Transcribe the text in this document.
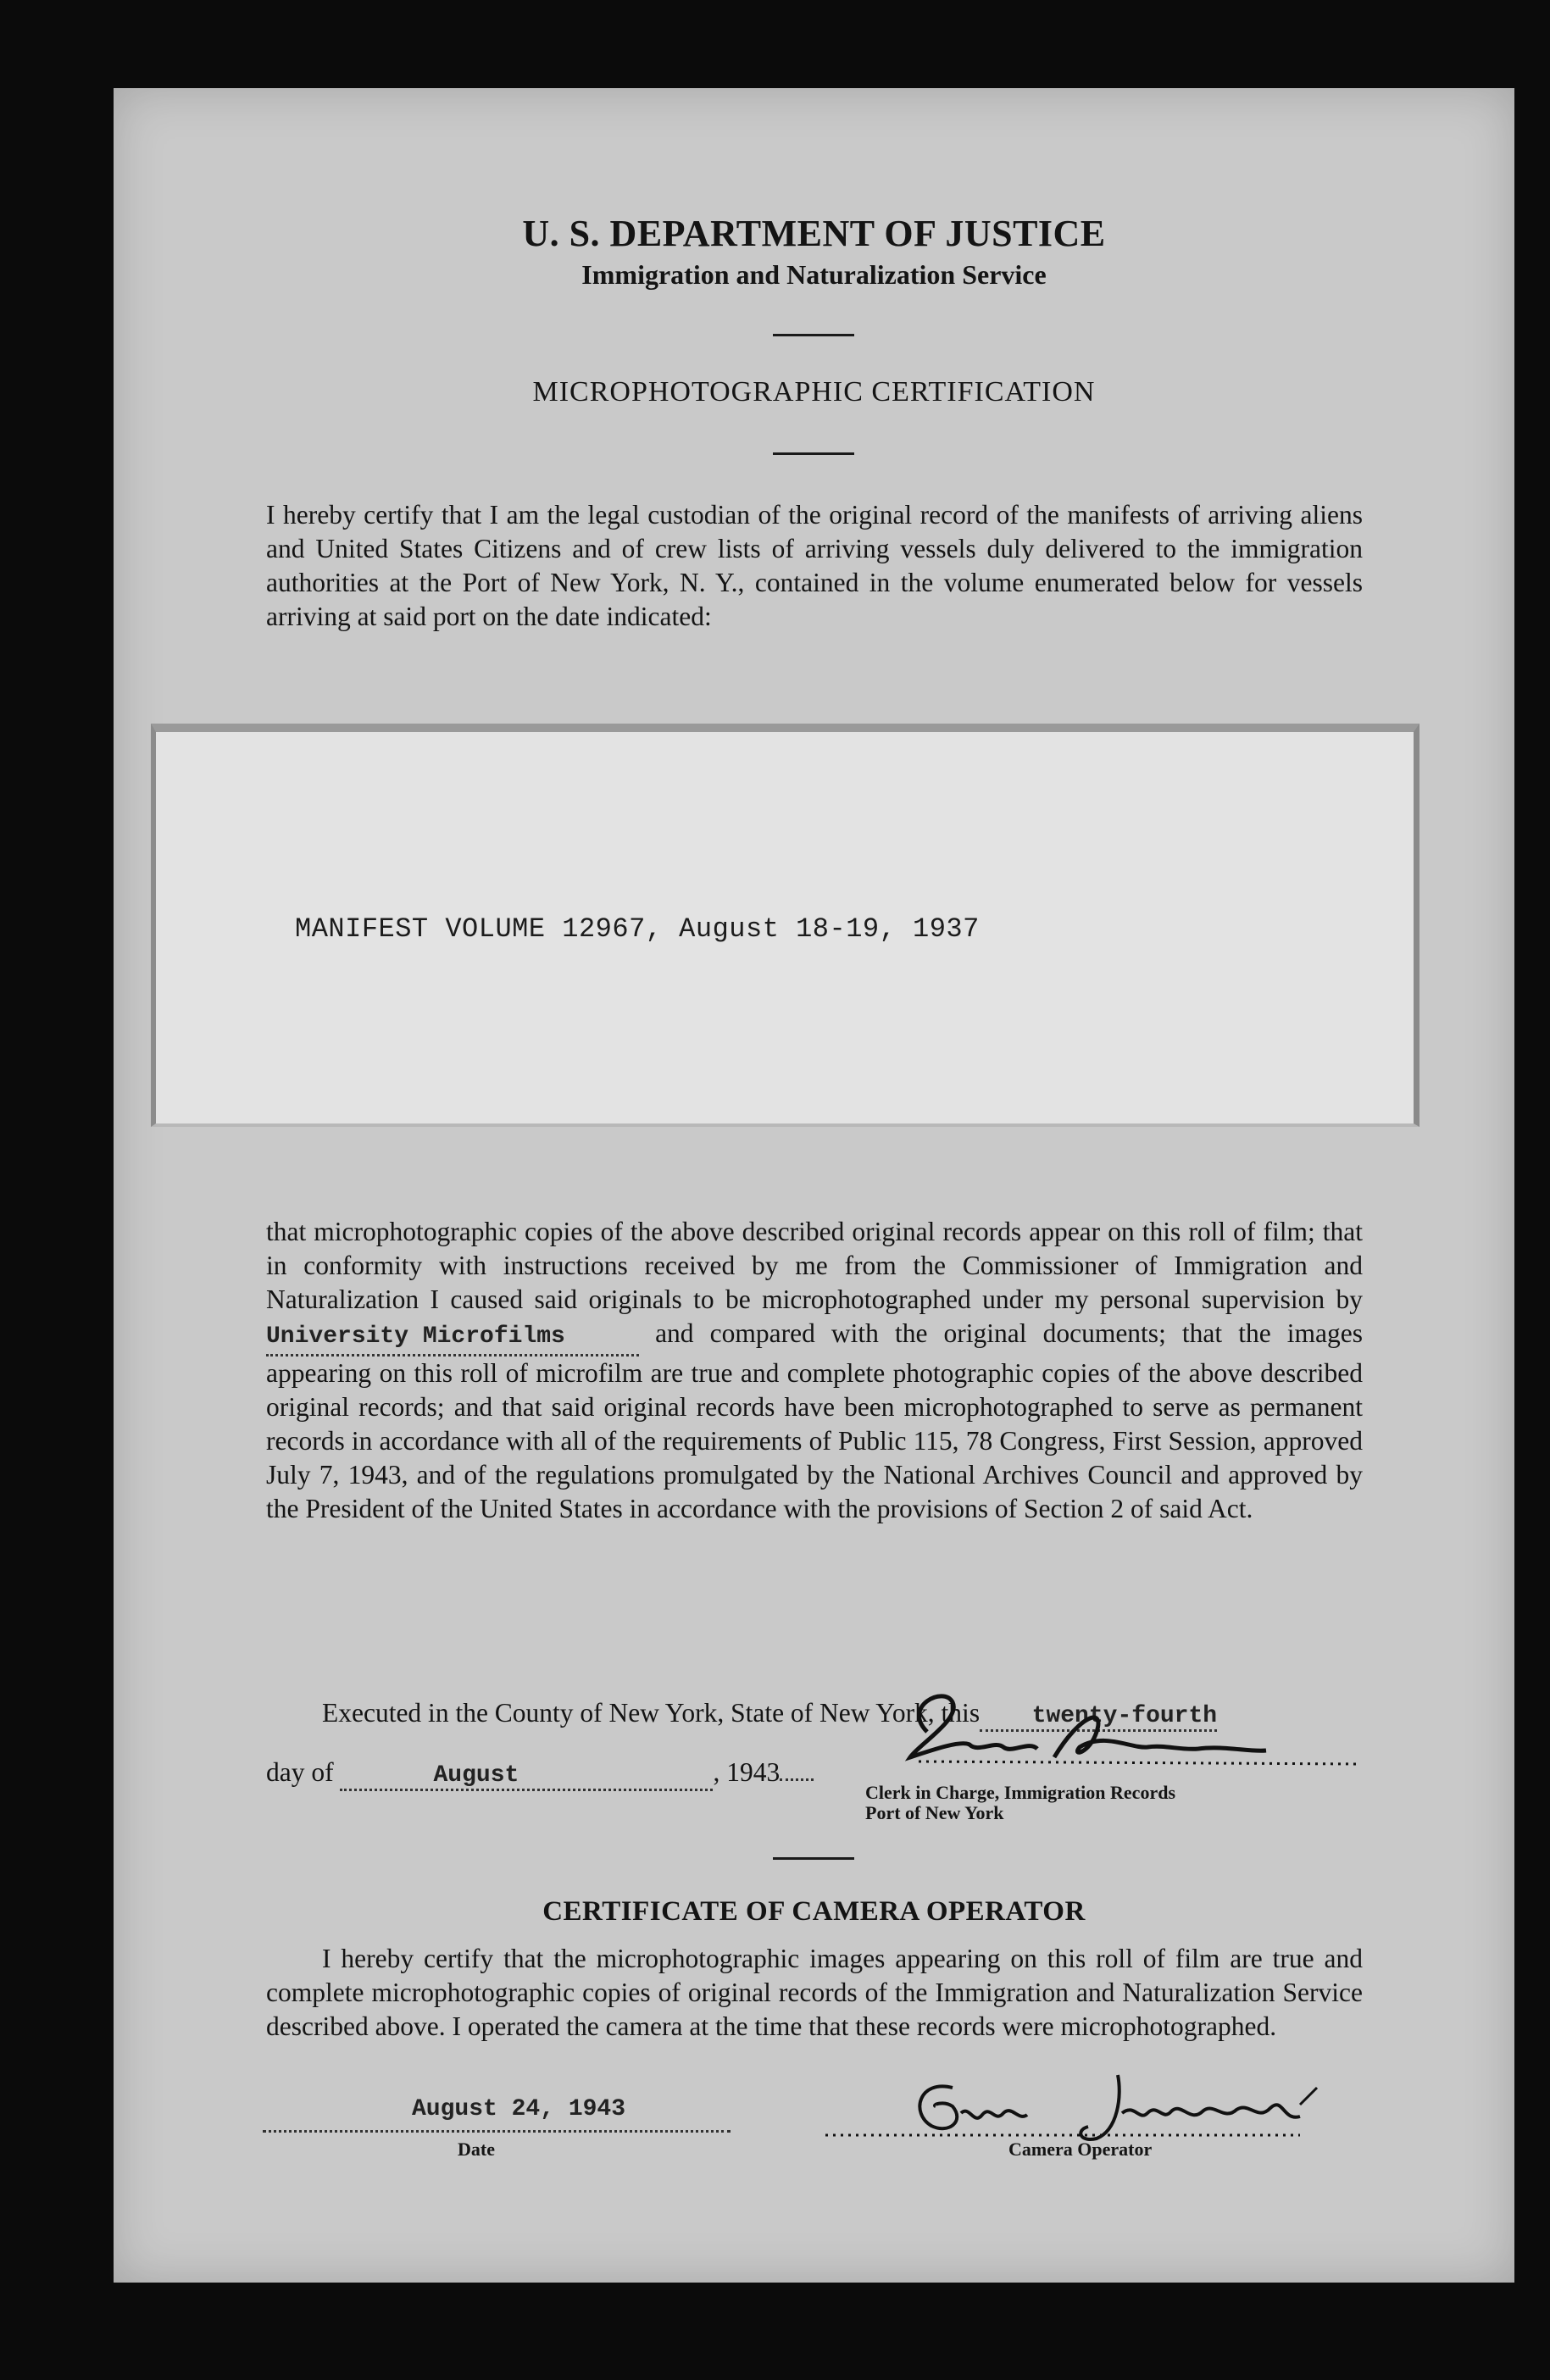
U. S. DEPARTMENT OF JUSTICE
Immigration and Naturalization Service
MICROPHOTOGRAPHIC CERTIFICATION
I hereby certify that I am the legal custodian of the original record of the manifests of arriving aliens and United States Citizens and of crew lists of arriving vessels duly delivered to the immigration authorities at the Port of New York, N. Y., contained in the volume enumerated below for vessels arriving at said port on the date indicated:
MANIFEST VOLUME 12967, August 18-19, 1937
that microphotographic copies of the above described original records appear on this roll of film; that in conformity with instructions received by me from the Commissioner of Immigration and Naturalization I caused said originals to be microphotographed under my personal supervision by University Microfilms	and compared with the original documents; that the images appearing on this roll of microfilm are true and complete photographic copies of the above described original records; and that said original records have been microphotographed to serve as permanent records in accordance with all of the requirements of Public 115, 78 Congress, First Session, approved July 7, 1943, and of the regulations promulgated by the National Archives Council and approved by the President of the United States in accordance with the provisions of Section 2 of said Act.
Executed in the County of New York, State of New York, this twenty-fourth
day of	August	, 1943
Clerk in Charge, Immigration Records
Port of New York
CERTIFICATE OF CAMERA OPERATOR
I hereby certify that the microphotographic images appearing on this roll of film are true and complete microphotographic copies of original records of the Immigration and Naturalization Service described above. I operated the camera at the time that these records were microphotographed.
August 24, 1943
Date	Camera Operator
